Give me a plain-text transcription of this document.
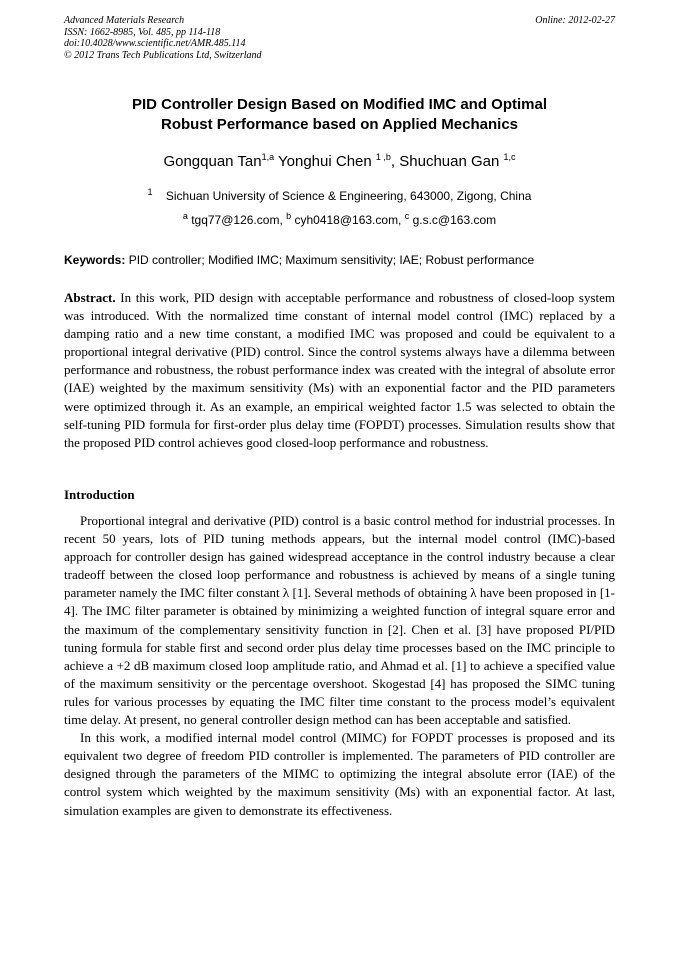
Advanced Materials Research
ISSN: 1662-8985, Vol. 485, pp 114-118
doi:10.4028/www.scientific.net/AMR.485.114
© 2012 Trans Tech Publications Ltd, Switzerland
Online: 2012-02-27
PID Controller Design Based on Modified IMC and Optimal
Robust Performance based on Applied Mechanics
Gongquan Tan$^{1,a}$ Yonghui Chen $^{1 ,b}$, Shuchuan Gan $^{1,c}$
$^1$ Sichuan University of Science & Engineering, 643000, Zigong, China
$^a$ tgq77@126.com, $^b$ cyh0418@163.com, $^c$ g.s.c@163.com
Keywords: PID controller; Modified IMC; Maximum sensitivity; IAE; Robust performance
Abstract. In this work, PID design with acceptable performance and robustness of closed-loop system was introduced. With the normalized time constant of internal model control (IMC) replaced by a damping ratio and a new time constant, a modified IMC was proposed and could be equivalent to a proportional integral derivative (PID) control. Since the control systems always have a dilemma between performance and robustness, the robust performance index was created with the integral of absolute error (IAE) weighted by the maximum sensitivity (Ms) with an exponential factor and the PID parameters were optimized through it. As an example, an empirical weighted factor 1.5 was selected to obtain the self-tuning PID formula for first-order plus delay time (FOPDT) processes. Simulation results show that the proposed PID control achieves good closed-loop performance and robustness.
Introduction

Proportional integral and derivative (PID) control is a basic control method for industrial processes. In recent 50 years, lots of PID tuning methods appears, but the internal model control (IMC)-based approach for controller design has gained widespread acceptance in the control industry because a clear tradeoff between the closed loop performance and robustness is achieved by means of a single tuning parameter namely the IMC filter constant λ [1]. Several methods of obtaining λ have been proposed in [1-4]. The IMC filter parameter is obtained by minimizing a weighted function of integral square error and the maximum of the complementary sensitivity function in [2]. Chen et al. [3] have proposed PI/PID tuning formula for stable first and second order plus delay time processes based on the IMC principle to achieve a +2 dB maximum closed loop amplitude ratio, and Ahmad et al. [1] to achieve a specified value of the maximum sensitivity or the percentage overshoot. Skogestad [4] has proposed the SIMC tuning rules for various processes by equating the IMC filter time constant to the process model’s equivalent time delay. At present, no general controller design method can has been acceptable and satisfied.

In this work, a modified internal model control (MIMC) for FOPDT processes is proposed and its equivalent two degree of freedom PID controller is implemented. The parameters of PID controller are designed through the parameters of the MIMC to optimizing the integral absolute error (IAE) of the control system which weighted by the maximum sensitivity (Ms) with an exponential factor. At last, simulation examples are given to demonstrate its effectiveness.
